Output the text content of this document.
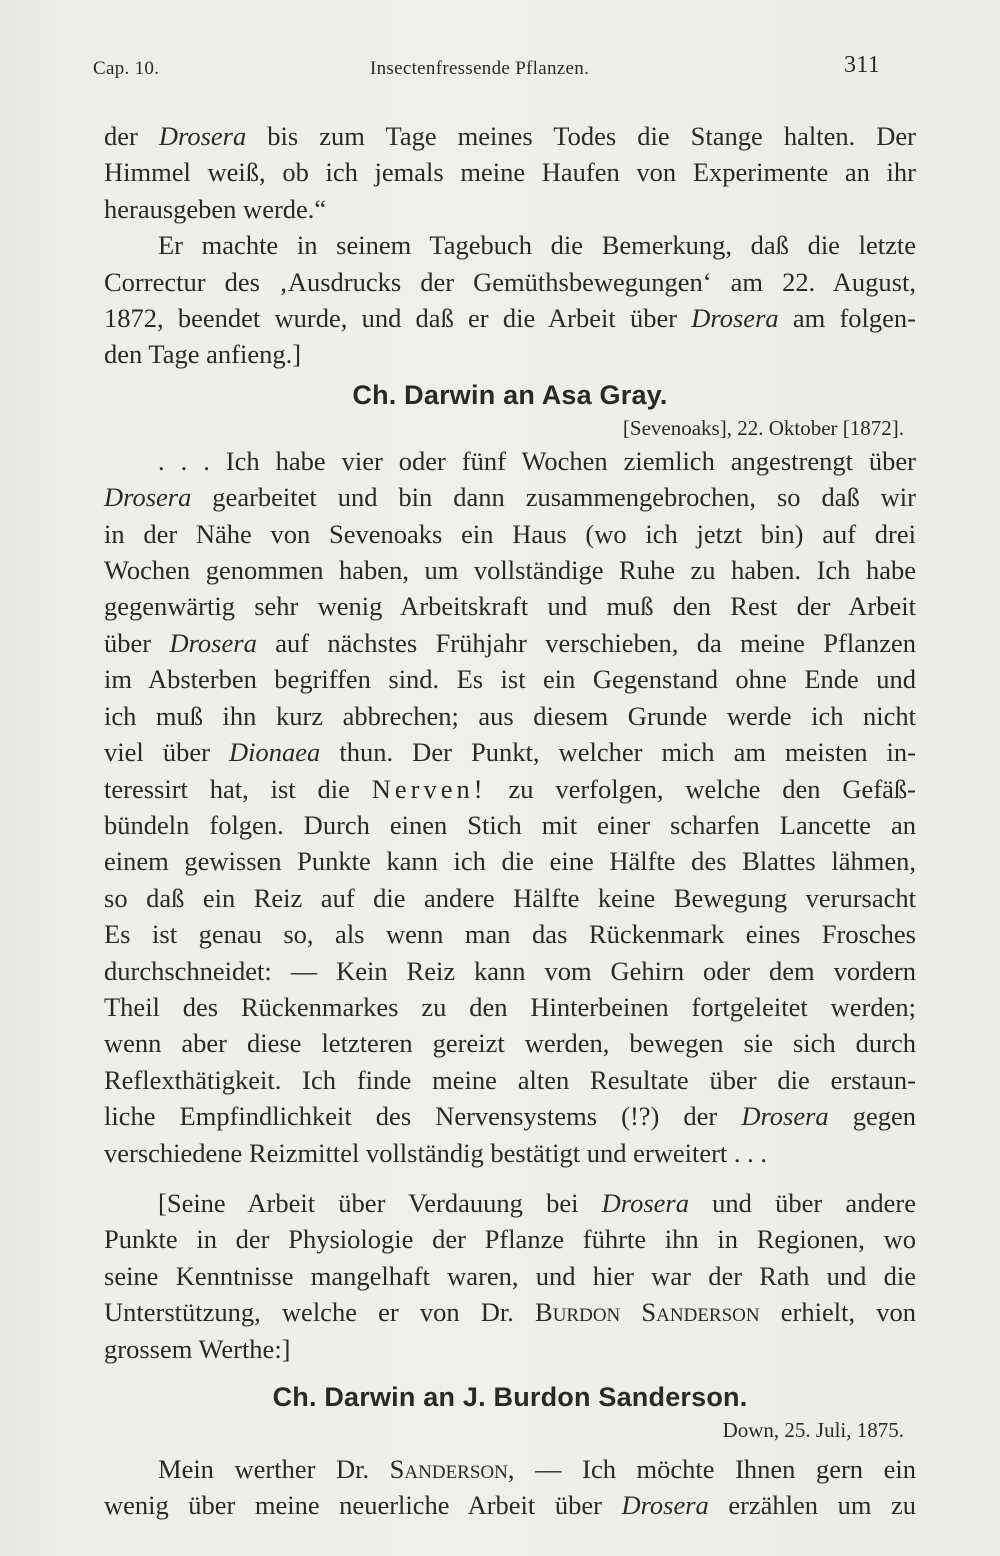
Cap. 10.	Insectenfressende Pflanzen.	311

der Drosera bis zum Tage meines Todes die Stange halten. Der
Himmel weiß, ob ich jemals meine Haufen von Experimente an ihr
herausgeben werde.“

Er machte in seinem Tagebuch die Bemerkung, daß die letzte
Correctur des ‚Ausdrucks der Gemüthsbewegungen‘ am 22. August,
1872, beendet wurde, und daß er die Arbeit über Drosera am folgen-
den Tage anfieng.]

Ch. Darwin an Asa Gray.
[Sevenoaks], 22. Oktober [1872].

. . . Ich habe vier oder fünf Wochen ziemlich angestrengt über
Drosera gearbeitet und bin dann zusammengebrochen, so daß wir
in der Nähe von Sevenoaks ein Haus (wo ich jetzt bin) auf drei
Wochen genommen haben, um vollständige Ruhe zu haben. Ich habe
gegenwärtig sehr wenig Arbeitskraft und muß den Rest der Arbeit
über Drosera auf nächstes Frühjahr verschieben, da meine Pflanzen
im Absterben begriffen sind. Es ist ein Gegenstand ohne Ende und
ich muß ihn kurz abbrechen; aus diesem Grunde werde ich nicht
viel über Dionaea thun. Der Punkt, welcher mich am meisten in-
teressirt hat, ist die Nerven! zu verfolgen, welche den Gefäß-
bündeln folgen. Durch einen Stich mit einer scharfen Lancette an
einem gewissen Punkte kann ich die eine Hälfte des Blattes lähmen,
so daß ein Reiz auf die andere Hälfte keine Bewegung verursacht
Es ist genau so, als wenn man das Rückenmark eines Frosches
durchschneidet: — Kein Reiz kann vom Gehirn oder dem vordern
Theil des Rückenmarkes zu den Hinterbeinen fortgeleitet werden;
wenn aber diese letzteren gereizt werden, bewegen sie sich durch
Reflexthätigkeit. Ich finde meine alten Resultate über die erstaun-
liche Empfindlichkeit des Nervensystems (!?) der Drosera gegen
verschiedene Reizmittel vollständig bestätigt und erweitert . . .

[Seine Arbeit über Verdauung bei Drosera und über andere
Punkte in der Physiologie der Pflanze führte ihn in Regionen, wo
seine Kenntnisse mangelhaft waren, und hier war der Rath und die
Unterstützung, welche er von Dr. Burdon Sanderson erhielt, von
grossem Werthe:]

Ch. Darwin an J. Burdon Sanderson.
Down, 25. Juli, 1875.

Mein werther Dr. Sanderson, — Ich möchte Ihnen gern ein
wenig über meine neuerliche Arbeit über Drosera erzählen um zu
